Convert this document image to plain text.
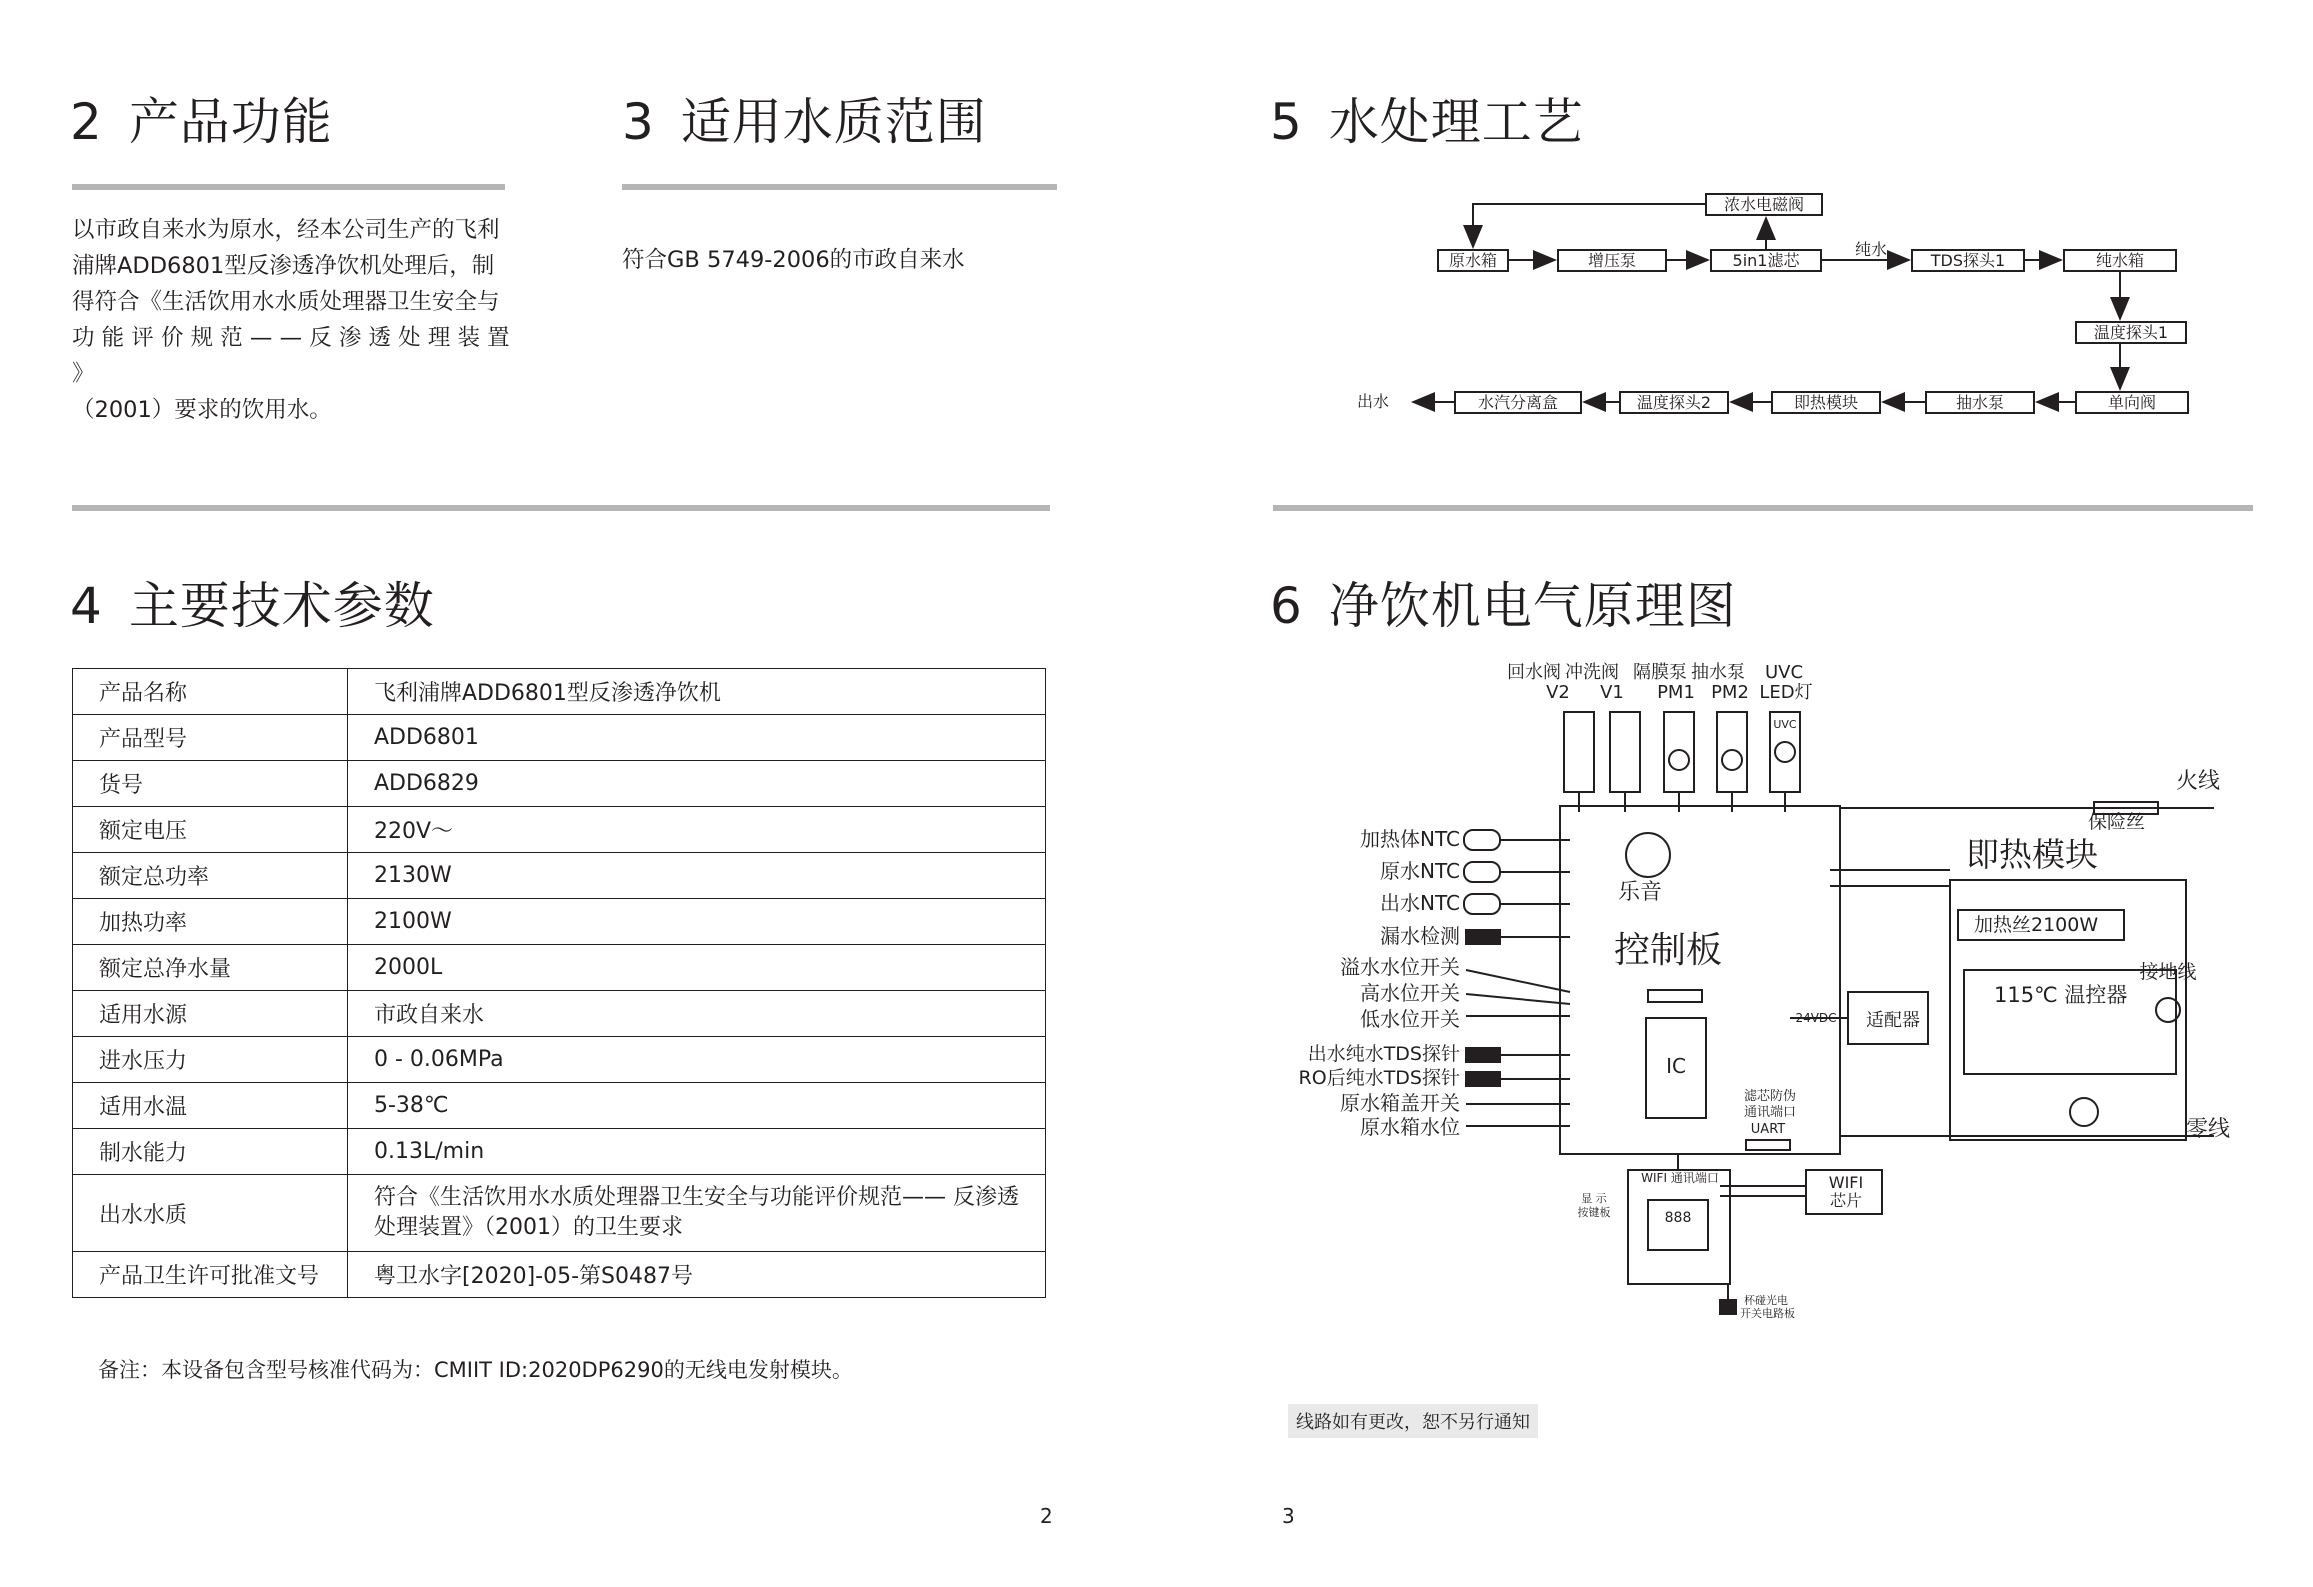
2 产品功能
以市政自来水为原水，经本公司生产的飞利
浦牌ADD6801型反渗透净饮机处理后，制
得符合《生活饮用水水质处理器卫生安全与
功 能 评 价 规 范 — — 反 渗 透 处 理 装 置 》
（2001）要求的饮用水。
3 适用水质范围
符合GB 5749-2006的市政自来水
4 主要技术参数
产品名称	飞利浦牌ADD6801型反渗透净饮机
产品型号	ADD6801
货号	ADD6829
额定电压	220V～
额定总功率	2130W
加热功率	2100W
额定总净水量	2000L
适用水源	市政自来水
进水压力	0 - 0.06MPa
适用水温	5-38℃
制水能力	0.13L/min
出水水质	符合《生活饮用水水质处理器卫生安全与功能评价规范—— 反渗透处理装置》（2001）的卫生要求
产品卫生许可批准文号	粤卫水字[2020]-05-第S0487号
备注：本设备包含型号核准代码为：CMIIT ID:2020DP6290的无线电发射模块。
2
5 水处理工艺
原水箱	增压泵	5in1滤芯	TDS探头1	纯水箱
浓水电磁阀
温度探头1
单向阀
抽水泵
即热模块
温度探头2
水汽分离盒
出水
纯水
回水阀
V2
冲洗阀
V1
隔膜泵
PM1
抽水泵
PM2
UVC
LED灯
UVC
加热体NTC
原水NTC
出水NTC
漏水检测
溢水水位开关
高水位开关
低水位开关
出水纯水TDS探针
RO后纯水TDS探针
原水箱盖开关
原水箱水位
乐音
控制板
IC
24VDC 适配器
滤芯防伪
通讯端口
UART
WIFI 通讯端口	WIFI
芯片
显 示
按键板	888
杯碰光电
开关电路板
火线
保险丝
即热模块
加热丝2100W
115℃ 温控器
接地线
零线
6 净饮机电气原理图
线路如有更改，恕不另行通知
3
